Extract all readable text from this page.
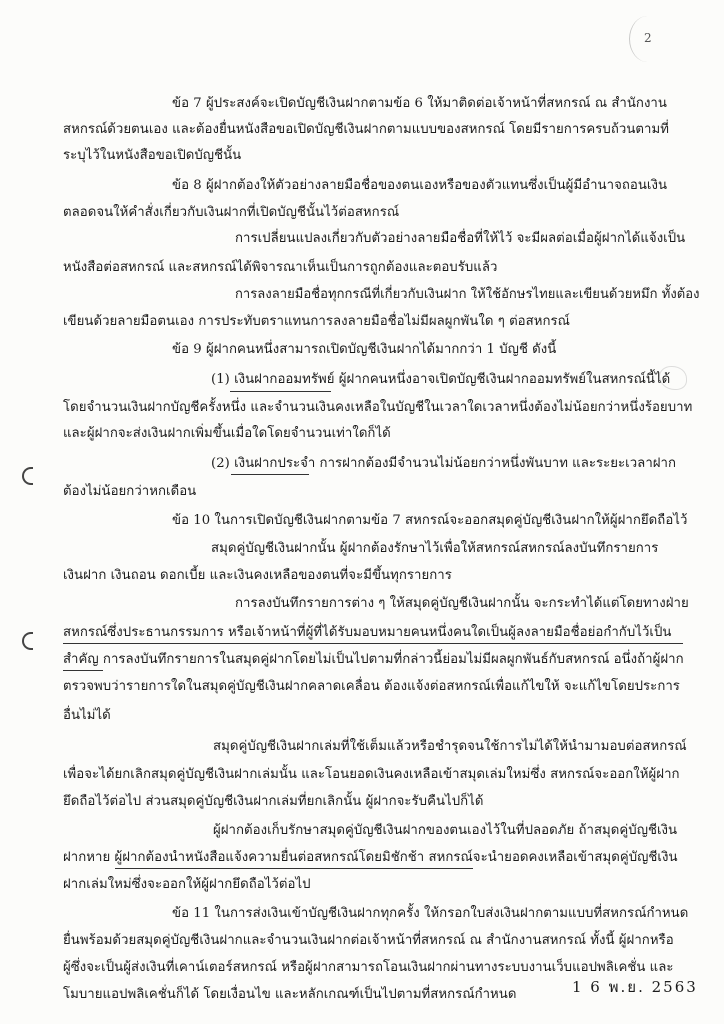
2
ข้อ 7 ผู้ประสงค์จะเปิดบัญชีเงินฝากตามข้อ 6 ให้มาติดต่อเจ้าหน้าที่สหกรณ์ ณ สำนักงาน
สหกรณ์ด้วยตนเอง และต้องยื่นหนังสือขอเปิดบัญชีเงินฝากตามแบบของสหกรณ์ โดยมีรายการครบถ้วนตามที่
ระบุไว้ในหนังสือขอเปิดบัญชีนั้น
ข้อ 8 ผู้ฝากต้องให้ตัวอย่างลายมือชื่อของตนเองหรือของตัวแทนซึ่งเป็นผู้มีอำนาจถอนเงิน
ตลอดจนให้คำสั่งเกี่ยวกับเงินฝากที่เปิดบัญชีนั้นไว้ต่อสหกรณ์
การเปลี่ยนแปลงเกี่ยวกับตัวอย่างลายมือชื่อที่ให้ไว้ จะมีผลต่อเมื่อผู้ฝากได้แจ้งเป็น
หนังสือต่อสหกรณ์ และสหกรณ์ได้พิจารณาเห็นเป็นการถูกต้องและตอบรับแล้ว
การลงลายมือชื่อทุกกรณีที่เกี่ยวกับเงินฝาก ให้ใช้อักษรไทยและเขียนด้วยหมึก ทั้งต้อง
เขียนด้วยลายมือตนเอง การประทับตราแทนการลงลายมือชื่อไม่มีผลผูกพันใด ๆ ต่อสหกรณ์
ข้อ 9 ผู้ฝากคนหนึ่งสามารถเปิดบัญชีเงินฝากได้มากกว่า 1 บัญชี ดังนี้
(1) เงินฝากออมทรัพย์ ผู้ฝากคนหนึ่งอาจเปิดบัญชีเงินฝากออมทรัพย์ในสหกรณ์นี้ได้
โดยจำนวนเงินฝากบัญชีครั้งหนึ่ง และจำนวนเงินคงเหลือในบัญชีในเวลาใดเวลาหนึ่งต้องไม่น้อยกว่าหนึ่งร้อยบาท
และผู้ฝากจะส่งเงินฝากเพิ่มขึ้นเมื่อใดโดยจำนวนเท่าใดก็ได้
(2) เงินฝากประจำ การฝากต้องมีจำนวนไม่น้อยกว่าหนึ่งพันบาท และระยะเวลาฝาก
ต้องไม่น้อยกว่าหกเดือน
ข้อ 10 ในการเปิดบัญชีเงินฝากตามข้อ 7 สหกรณ์จะออกสมุดคู่บัญชีเงินฝากให้ผู้ฝากยึดถือไว้
สมุดคู่บัญชีเงินฝากนั้น ผู้ฝากต้องรักษาไว้เพื่อให้สหกรณ์สหกรณ์ลงบันทึกรายการ
เงินฝาก เงินถอน ดอกเบี้ย และเงินคงเหลือของตนที่จะมีขึ้นทุกรายการ
การลงบันทึกรายการต่าง ๆ ให้สมุดคู่บัญชีเงินฝากนั้น จะกระทำได้แต่โดยทางฝ่าย
สหกรณ์ซึ่งประธานกรรมการ หรือเจ้าหน้าที่ผู้ที่ได้รับมอบหมายคนหนึ่งคนใดเป็นผู้ลงลายมือชื่อย่อกำกับไว้เป็น
สำคัญ การลงบันทึกรายการในสมุดคู่ฝากโดยไม่เป็นไปตามที่กล่าวนี้ย่อมไม่มีผลผูกพันธ์กับสหกรณ์ อนึ่งถ้าผู้ฝาก
ตรวจพบว่ารายการใดในสมุดคู่บัญชีเงินฝากคลาดเคลื่อน ต้องแจ้งต่อสหกรณ์เพื่อแก้ไขให้ จะแก้ไขโดยประการ
อื่นไม่ได้
สมุดคู่บัญชีเงินฝากเล่มที่ใช้เต็มแล้วหรือชำรุดจนใช้การไม่ได้ให้นำมามอบต่อสหกรณ์
เพื่อจะได้ยกเลิกสมุดคู่บัญชีเงินฝากเล่มนั้น และโอนยอดเงินคงเหลือเข้าสมุดเล่มใหม่ซึ่ง สหกรณ์จะออกให้ผู้ฝาก
ยึดถือไว้ต่อไป ส่วนสมุดคู่บัญชีเงินฝากเล่มที่ยกเลิกนั้น ผู้ฝากจะรับคืนไปก็ได้
ผู้ฝากต้องเก็บรักษาสมุดคู่บัญชีเงินฝากของตนเองไว้ในที่ปลอดภัย ถ้าสมุดคู่บัญชีเงิน
ฝากหาย ผู้ฝากต้องนำหนังสือแจ้งความยื่นต่อสหกรณ์โดยมิชักช้า สหกรณ์จะนำยอดคงเหลือเข้าสมุดคู่บัญชีเงิน
ฝากเล่มใหม่ซึ่งจะออกให้ผู้ฝากยึดถือไว้ต่อไป
ข้อ 11 ในการส่งเงินเข้าบัญชีเงินฝากทุกครั้ง ให้กรอกใบส่งเงินฝากตามแบบที่สหกรณ์กำหนด
ยื่นพร้อมด้วยสมุดคู่บัญชีเงินฝากและจำนวนเงินฝากต่อเจ้าหน้าที่สหกรณ์ ณ สำนักงานสหกรณ์ ทั้งนี้ ผู้ฝากหรือ
ผู้ซึ่งจะเป็นผู้ส่งเงินที่เคาน์เตอร์สหกรณ์ หรือผู้ฝากสามารถโอนเงินฝากผ่านทางระบบงานเว็บแอปพลิเคชั่น และ
โมบายแอปพลิเคชั่นก็ได้ โดยเงื่อนไข และหลักเกณฑ์เป็นไปตามที่สหกรณ์กำหนด	1 6 พ.ย. 2563
